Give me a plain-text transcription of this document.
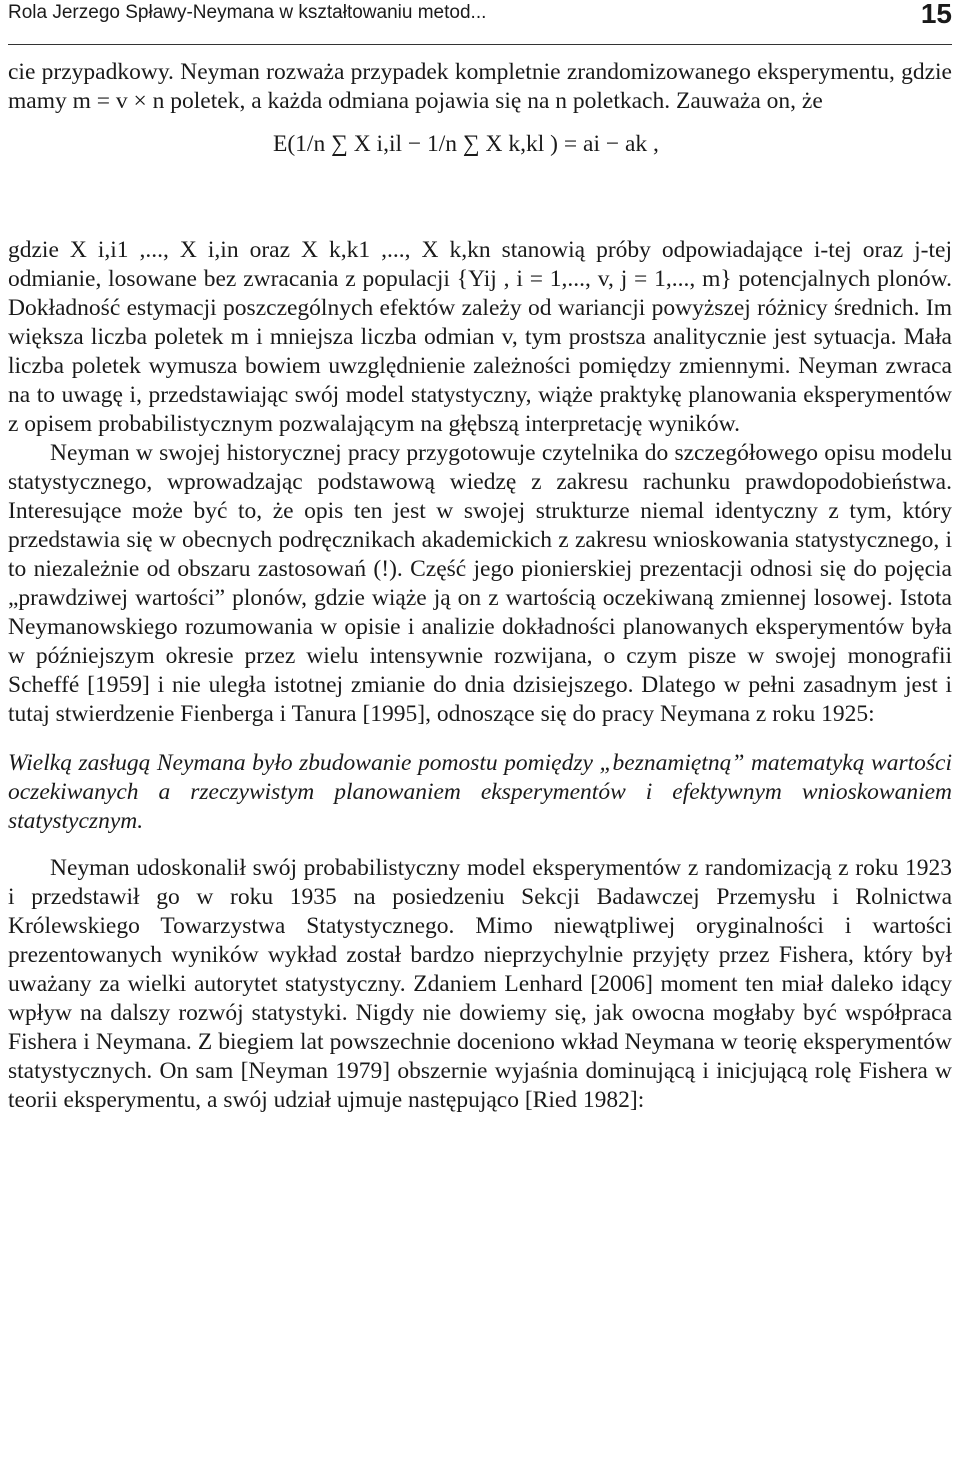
Rola Jerzego Spławy-Neymana w kształtowaniu metod...	15

cie przypadkowy. Neyman rozważa przypadek kompletnie zrandomizowanego eksperymentu, gdzie mamy m = v × n poletek, a każda odmiana pojawia się na n poletkach. Zauważa on, że

E(1/n ∑ X i,il − 1/n ∑ X k,kl ) = ai − ak ,

gdzie X i,i1 ,..., X i,in oraz X k,k1 ,..., X k,kn stanowią próby odpowiadające i-tej oraz j-tej odmianie, losowane bez zwracania z populacji {Yij , i = 1,..., v, j = 1,..., m} potencjalnych plonów. Dokładność estymacji poszczególnych efektów zależy od wariancji powyższej różnicy średnich. Im większa liczba poletek m i mniejsza liczba odmian v, tym prostsza analitycznie jest sytuacja. Mała liczba poletek wymusza bowiem uwzględnienie zależności pomiędzy zmiennymi. Neyman zwraca na to uwagę i, przedstawiając swój model statystyczny, wiąże praktykę planowania eksperymentów z opisem probabilistycznym pozwalającym na głębszą interpretację wyników.

Neyman w swojej historycznej pracy przygotowuje czytelnika do szczegółowego opisu modelu statystycznego, wprowadzając podstawową wiedzę z zakresu rachunku prawdopodobieństwa. Interesujące może być to, że opis ten jest w swojej strukturze niemal identyczny z tym, który przedstawia się w obecnych podręcznikach akademickich z zakresu wnioskowania statystycznego, i to niezależnie od obszaru zastosowań (!). Część jego pionierskiej prezentacji odnosi się do pojęcia „prawdziwej wartości” plonów, gdzie wiąże ją on z wartością oczekiwaną zmiennej losowej. Istota Neymanowskiego rozumowania w opisie i analizie dokładności planowanych eksperymentów była w późniejszym okresie przez wielu intensywnie rozwijana, o czym pisze w swojej monografii Scheffé [1959] i nie uległa istotnej zmianie do dnia dzisiejszego. Dlatego w pełni zasadnym jest i tutaj stwierdzenie Fienberga i Tanura [1995], odnoszące się do pracy Neymana z roku 1925:

Wielką zasługą Neymana było zbudowanie pomostu pomiędzy „beznamiętną” matematyką wartości oczekiwanych a rzeczywistym planowaniem eksperymentów i efektywnym wnioskowaniem statystycznym.

Neyman udoskonalił swój probabilistyczny model eksperymentów z randomizacją z roku 1923 i przedstawił go w roku 1935 na posiedzeniu Sekcji Badawczej Przemysłu i Rolnictwa Królewskiego Towarzystwa Statystycznego. Mimo niewątpliwej oryginalności i wartości prezentowanych wyników wykład został bardzo nieprzychylnie przyjęty przez Fishera, który był uważany za wielki autorytet statystyczny. Zdaniem Lenhard [2006] moment ten miał daleko idący wpływ na dalszy rozwój statystyki. Nigdy nie dowiemy się, jak owocna mogłaby być współpraca Fishera i Neymana. Z biegiem lat powszechnie doceniono wkład Neymana w teorię eksperymentów statystycznych. On sam [Neyman 1979] obszernie wyjaśnia dominującą i inicjującą rolę Fishera w teorii eksperymentu, a swój udział ujmuje następująco [Ried 1982]:
